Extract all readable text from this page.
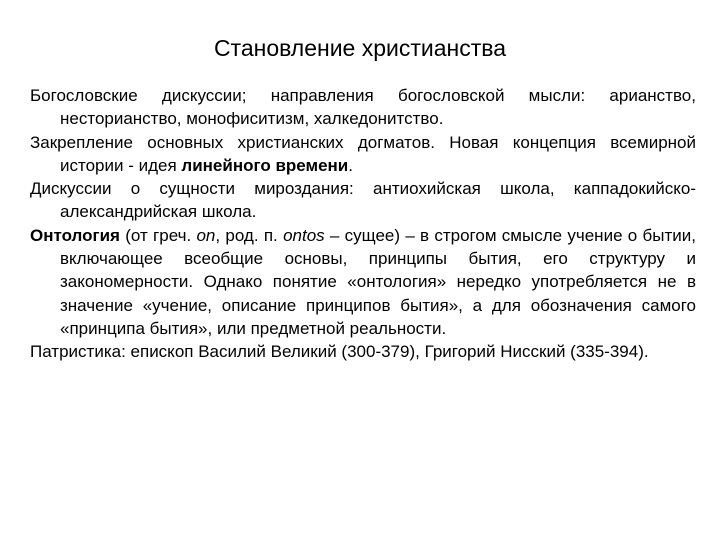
Становление христианства

Богословские дискуссии; направления богословской мысли: арианство, несторианство, монофиситизм, халкедонитство.

Закрепление основных христианских догматов. Новая концепция всемирной истории - идея линейного времени.

Дискуссии о сущности мироздания: антиохийская школа, каппадокийско-александрийская школа.

Онтология (от греч. on, род. п. ontos – сущее) – в строгом смысле учение о бытии, включающее всеобщие основы, принципы бытия, его структуру и закономерности. Однако понятие «онтология» нередко употребляется не в значение «учение, описание принципов бытия», а для обозначения самого «принципа бытия», или предметной реальности.

Патристика: епископ Василий Великий (300-379), Григорий Нисский (335-394).
